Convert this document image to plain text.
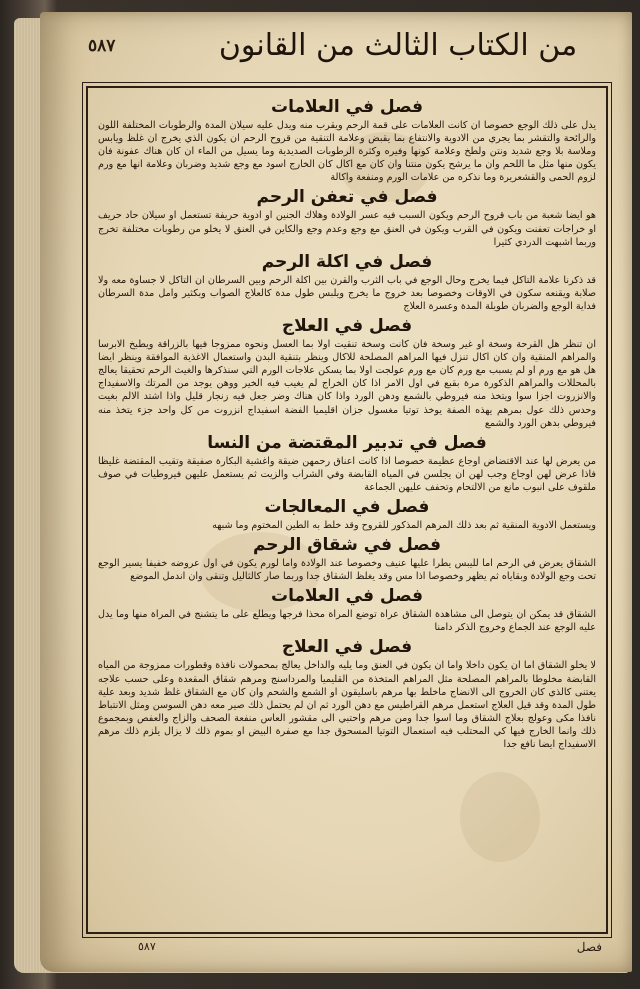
٥٨٧	من الكتاب الثالث من القانون
فصل في العلامات
يدل على ذلك الوجع خصوصا ان كانت العلامات على قمة الرحم ويقرب منه ويدل عليه سيلان المدة والرطوبات المختلفة اللون والرائحة والتقشر بما يجري من الادوية والانتفاع بما يقبض وعلامة التنقية من قروح الرحم ان يكون الذي يخرج ان غلظ ويابس وملاسة بلا وجع شديد ونتن ولطخ وعلامة كونها وفيره وكثرة الرطوبات الصديدية وما يسيل من الماء ان كان هناك عفونة فان يكون منها مثل ما اللحم وان ما يرشح يكون منتنا وان كان مع اكال كان الخارج اسود مع وجع شديد وضربان وعلامة انها مع ورم لزوم الحمى والقشعريرة وما نذكره من علامات الورم ومنفعة واكالة
فصل في تعفن الرحم
هو ايضا شعبة من باب قروح الرحم ويكون السبب فيه عسر الولادة وهلاك الجنين او ادوية حريفة تستعمل او سيلان حاد حريف او خراجات تعفنت ويكون في القرب ويكون في العنق مع وجع وعدم وجع والكاين في العنق لا يخلو من رطوبات مختلفة تخرج وربما اشبهت الدردي كثيرا
فصل في اكلة الرحم
قد ذكرنا علامة التاكل فيما يخرج وحال الوجع في باب الثرب والقرن بين اكلة الرحم وبين السرطان ان التاكل لا جساوة معه ولا صلابة ويقنعه سكون في الاوقات وخصوصا بعد خروج ما يخرج ويلبس طول مدة كالعلاج الصواب وبكثير وامل مدة السرطان فداية الوجع والضربان طويلة المدة وعسرة العلاج
فصل في العلاج
ان تنظر هل القرحة وسخة او غير وسخة فان كانت وسخة تنقيت اولا بما العسل ونحوه ممزوجا فيها بالزراقة ويطبخ الابرسا والمراهم المنقية وان كان اكال تنزل فيها المراهم المصلحة للاكال وينظر بتنقية البدن واستعمال الاغذية الموافقة وينظر ايضا هل هو مع ورم او لم يسبب مع ورم كان مع ورم عولجت اولا بما يسكن علاجات الورم التي سنذكرها والغيث الرحم تحقيقا يعالج بالمحللات والمراهم الذكورة مرة بقبع في اول الامر اذا كان الخراج لم يغيب فيه الخير ووهن يوجد من المرتك والاسفيداج والانزروت اجزا سوا ويتخذ منه فيروطي بالشمع ودهن الورد واذا كان هناك وضر جعل فيه زنجار قليل واذا اشتد الالم بغيت وحدس ذلك عول بمرهم يهذه الصفة يوخذ توتيا مغسول جزان اقليميا الفضة اسفيداج انزروت من كل واحد جزء يتخذ منه فيروطي بدهن الورد والشمع
فصل في تدبير المقتضة من النسا
من يعرض لها عند الاقتضاض اوجاع عظيمة خصوصا اذا كانت اعناق رحمهن ضيقة واغشية البكارة صفيقة وتقيب المقتضة غليظا فاذا عرض لهن اوجاع وجب لهن ان يجلسن في المياه القابضة وفي الشراب والزيت ثم يستعمل عليهن فيروطيات في صوف ملقوف على انبوب مانع من الالتحام وتحفف عليهن الجماعة
فصل في المعالجات
ويستعمل الادوية المنقية ثم بعد ذلك المرهم المذكور للقروح وقد خلط به الطين المختوم وما شبهه
فصل في شقاق الرحم
الشقاق يعرض في الرحم اما لليبس يطرا عليها عنيف وخصوصا عند الولادة واما لورم يكون في اول عروضه خفيفا يسير الوجع تحت وجع الولادة وبقاياه ثم يظهر وخصوصا اذا مس وقد يغلظ الشقاق جدا وربما صار كالثاليل وتنقى وان اندمل الموضع
فصل في العلامات
الشقاق قد يمكن ان يتوصل الى مشاهدة الشقاق عراة توضع المراة محذا فرجها ويطلع على ما يتشنج في المراة منها وما يدل عليه الوجع عند الجماع وخروج الذكر دامنا
فصل في العلاج
لا يخلو الشقاق اما ان يكون داخلا واما ان يكون في العنق وما يليه والداخل يعالج بمحمولات نافذة وقطورات ممزوجة من المياه القابضة مخلوطا بالمراهم المصلحة مثل المراهم المتخذة من القليميا والمرداسنج ومرهم شقاق المقعدة وعلى حسب علاجه يعتنى كالذي كان الخروج الى الانضاج ماخلط بها مرهم باسليقون او الشمع والشحم وان كان مع الشقاق غلظ شديد وبعد علية طول المدة وقد قيل العلاج استعمل مرهم القراطيس مع دهن الورد ثم ان لم يحتمل ذلك صير معه دهن السوسن ومثل الانتباط نافذا مكى وعولج بعلاج الشقاق وما اسوا جدا ومن مرهم واحتبي الى مقشور العاس منفعة الصحف والزاج والعفص وبمجموع ذلك وانما الخارج فيها كي المحتلب فيه استعمال التوتيا المسحوق جدا مع صفرة البيض او بموم ذلك لا يزال يلزم ذلك مرهم الاسفيداج ايضا نافع جدا
٥٨٧	فصل
